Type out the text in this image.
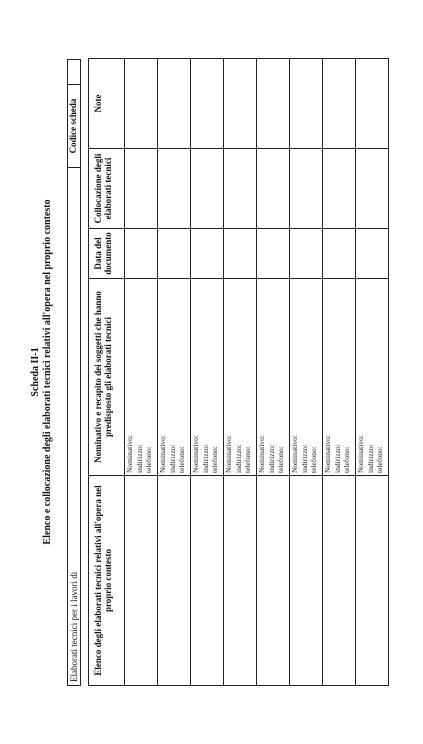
Scheda II-1 Elenco e collocazione degli elaborati tecnici relativi all'opera nel proprio contesto
Elaborati tecnici per i lavori di
Codice scheda
Elenco degli elaborati tecnici relativi all'opera nel proprio contesto	Nominativo e recapito dei soggetti che hanno predisposto gli elaborati tecnici	Data del documento	Collocazione degli elaborati tecnici	Note

	Nominativo: indirizzo: telefono:			

	Nominativo: indirizzo: telefono:			

	Nominativo: indirizzo: telefono:			

	Nominativo: indirizzo: telefono:			

	Nominativo: indirizzo: telefono:			

	Nominativo: indirizzo: telefono:			

	Nominativo: indirizzo: telefono:			

	Nominativo: indirizzo: telefono:			
